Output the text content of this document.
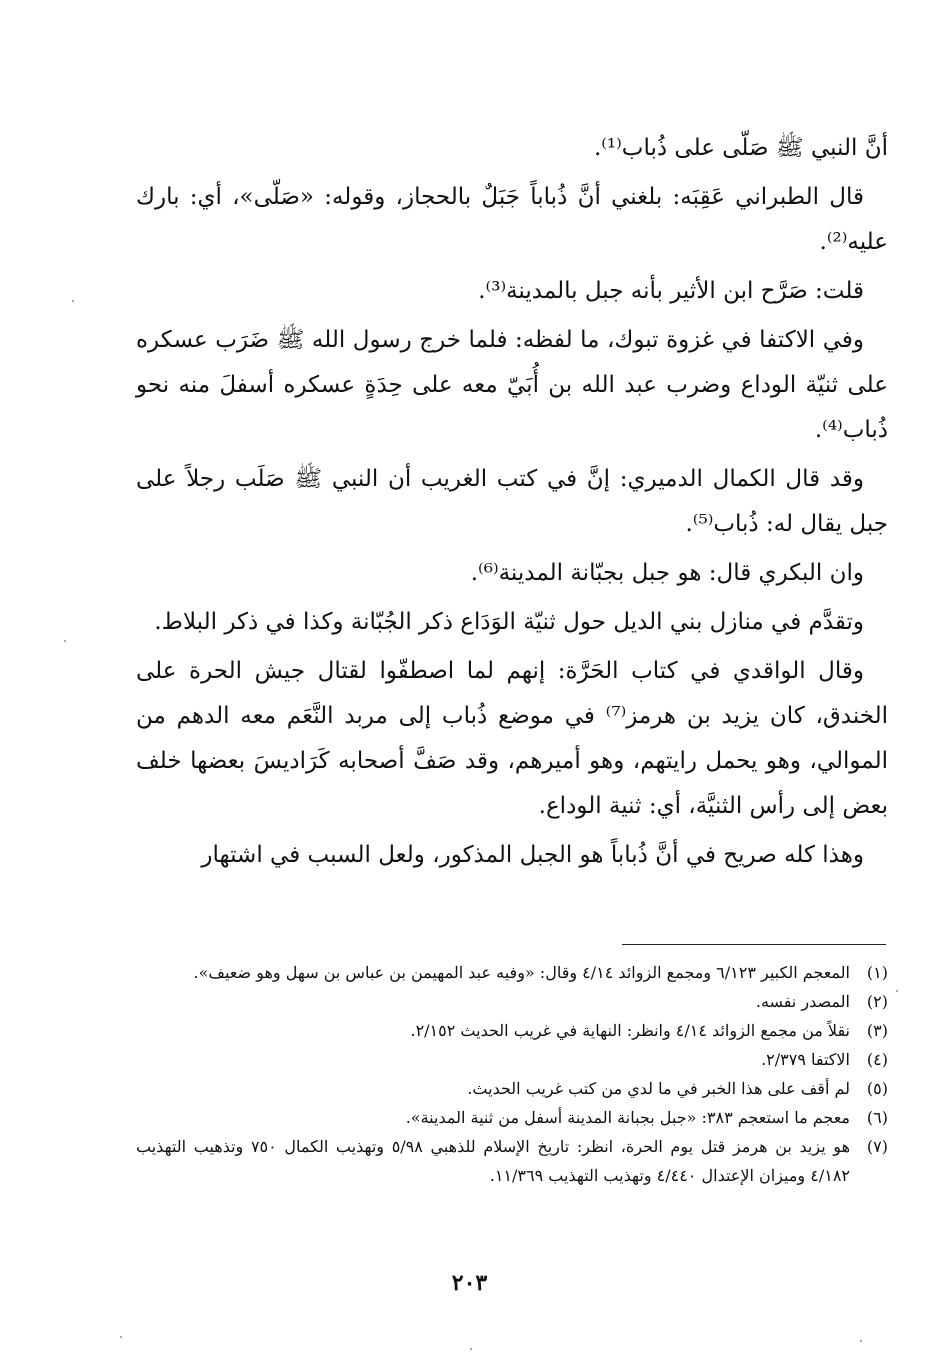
أنَّ النبي ﷺ صَلّى على ذُباب⁽¹⁾.

قال الطبراني عَقِبَه: بلغني أنَّ ذُباباً جَبَلٌ بالحجاز، وقوله: «صَلّى»، أي: بارك عليه⁽²⁾.

قلت: صَرَّح ابن الأثير بأنه جبل بالمدينة⁽³⁾.

وفي الاكتفا في غزوة تبوك، ما لفظه: فلما خرج رسول الله ﷺ ضَرَب عسكره على ثنيّة الوداع وضرب عبد الله بن أُبَيّ معه على حِدَةٍ عسكره أسفلَ منه نحو ذُباب⁽⁴⁾.

وقد قال الكمال الدميري: إنَّ في كتب الغريب أن النبي ﷺ صَلَب رجلاً على جبل يقال له: ذُباب⁽⁵⁾.

وان البكري قال: هو جبل بجبّانة المدينة⁽⁶⁾.

وتقدَّم في منازل بني الديل حول ثنيّة الوَدَاع ذكر الجُبّانة وكذا في ذكر البلاط.

وقال الواقدي في كتاب الحَرَّة: إنهم لما اصطفّوا لقتال جيش الحرة على الخندق، كان يزيد بن هرمز⁽⁷⁾ في موضع ذُباب إلى مربد النَّعَم معه الدهم من الموالي، وهو يحمل رايتهم، وهو أميرهم، وقد صَفَّ أصحابه كَرَاديسَ بعضها خلف بعض إلى رأس الثنيَّة، أي: ثنية الوداع.

وهذا كله صريح في أنَّ ذُباباً هو الجبل المذكور، ولعل السبب في اشتهار

(١)
المعجم الكبير ٦/١٢٣ ومجمع الزوائد ٤/١٤ وقال: «وفيه عبد المهيمن بن عباس بن سهل وهو ضعيف».
(٢)
المصدر نفسه.
(٣)
نقلاً من مجمع الزوائد ٤/١٤ وانظر: النهاية في غريب الحديث ٢/١٥٢.
(٤)
الاكتفا ٢/٣٧٩.
(٥)
لم أقف على هذا الخبر في ما لدي من كتب غريب الحديث.
(٦)
معجم ما استعجم ٣٨٣: «جبل بجبانة المدينة أسفل من ثنية المدينة».
(٧)
هو يزيد بن هرمز قتل يوم الحرة، انظر: تاريخ الإسلام للذهبي ٥/٩٨ وتهذيب الكمال ٧٥٠ وتذهيب التهذيب ٤/١٨٢ وميزان الإعتدال ٤/٤٤٠ وتهذيب التهذيب ١١/٣٦٩.
٢٠٣
